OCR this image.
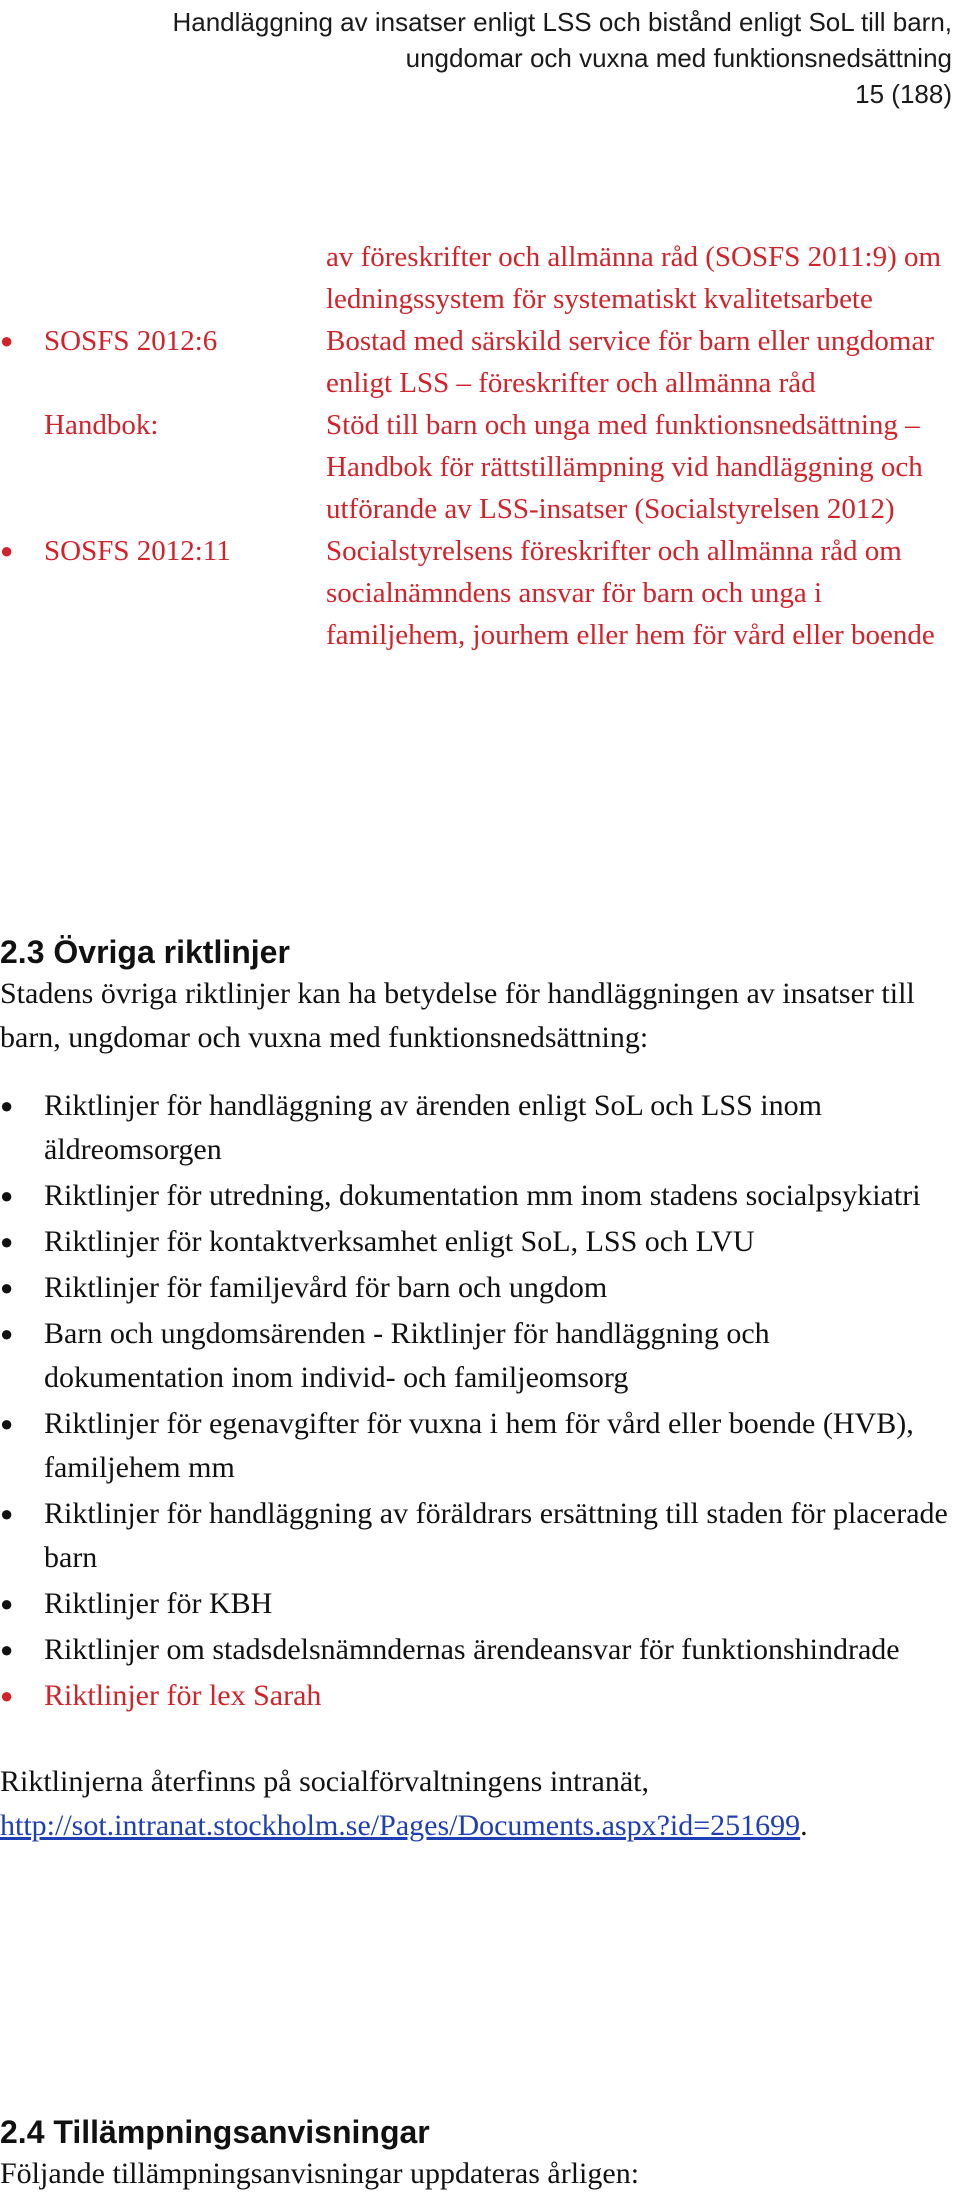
Handläggning av insatser enligt LSS och bistånd enligt SoL till barn,
ungdomar och vuxna med funktionsnedsättning
15 (188)
av föreskrifter och allmänna råd (SOSFS 2011:9) om ledningssystem för systematiskt kvalitetsarbete
●	SOSFS 2012:6	Bostad med särskild service för barn eller ungdomar enligt LSS – föreskrifter och allmänna råd
Handbok:	Stöd till barn och unga med funktionsnedsättning – Handbok för rättstillämpning vid handläggning och utförande av LSS-insatser (Socialstyrelsen 2012)
●	SOSFS 2012:11	Socialstyrelsens föreskrifter och allmänna råd om socialnämndens ansvar för barn och unga i familjehem, jourhem eller hem för vård eller boende
2.3 Övriga riktlinjer

Stadens övriga riktlinjer kan ha betydelse för handläggningen av insatser till barn, ungdomar och vuxna med funktionsnedsättning:

● Riktlinjer för handläggning av ärenden enligt SoL och LSS inom äldreomsorgen
● Riktlinjer för utredning, dokumentation mm inom stadens socialpsykiatri
● Riktlinjer för kontaktverksamhet enligt SoL, LSS och LVU
● Riktlinjer för familjevård för barn och ungdom
● Barn och ungdomsärenden - Riktlinjer för handläggning och dokumentation inom individ- och familjeomsorg
● Riktlinjer för egenavgifter för vuxna i hem för vård eller boende (HVB), familjehem mm
● Riktlinjer för handläggning av föräldrars ersättning till staden för placerade barn
● Riktlinjer för KBH
● Riktlinjer om stadsdelsnämndernas ärendeansvar för funktionshindrade
● Riktlinjer för lex Sarah

Riktlinjerna återfinns på socialförvaltningens intranät,
http://sot.intranat.stockholm.se/Pages/Documents.aspx?id=251699.

2.4 Tillämpningsanvisningar

Följande tillämpningsanvisningar uppdateras årligen:
